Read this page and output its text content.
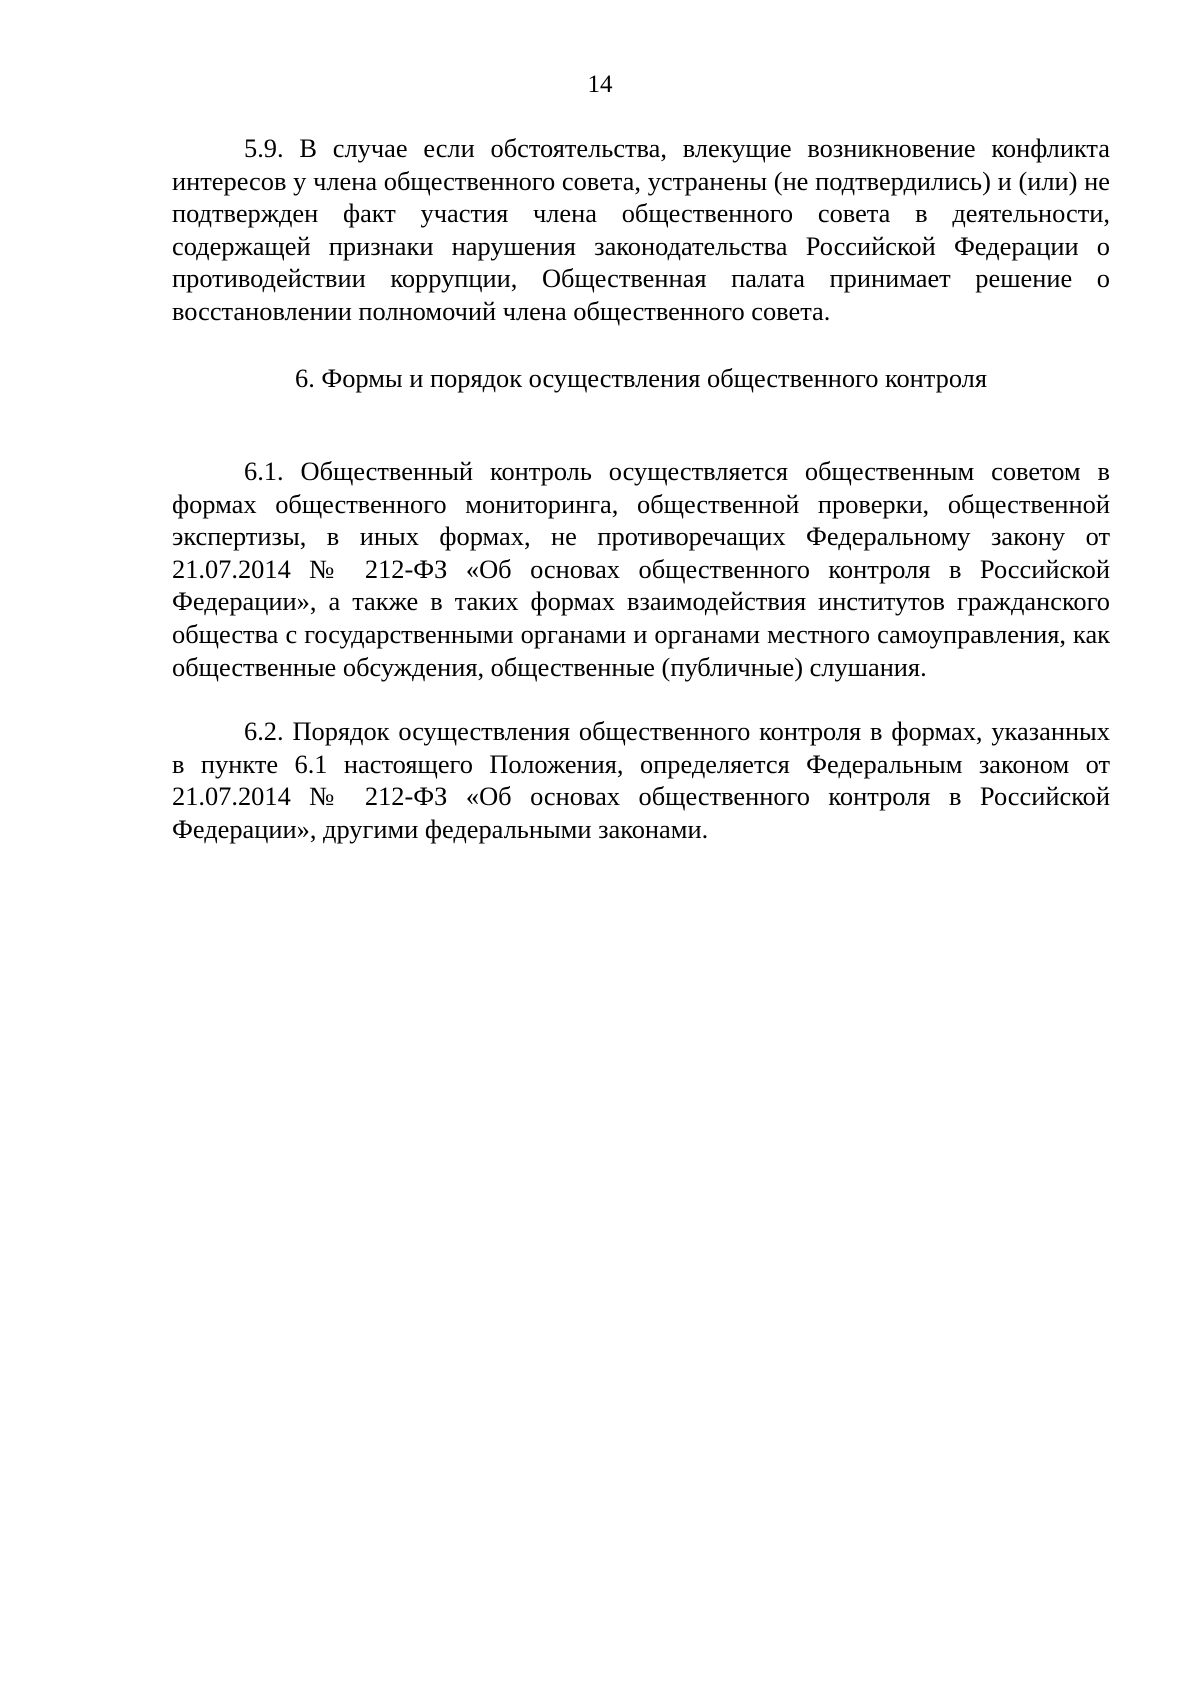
14

5.9. В случае если обстоятельства, влекущие возникновение конфликта интересов у члена общественного совета, устранены (не подтвердились) и (или) не подтвержден факт участия члена общественного совета в деятельности, содержащей признаки нарушения законодательства Российской Федерации о противодействии коррупции, Общественная палата принимает решение о восстановлении полномочий члена общественного совета.

6. Формы и порядок осуществления общественного контроля

6.1. Общественный контроль осуществляется общественным советом в формах общественного мониторинга, общественной проверки, общественной экспертизы, в иных формах, не противоречащих Федеральному закону от 21.07.2014 № 212-ФЗ «Об основах общественного контроля в Российской Федерации», а также в таких формах взаимодействия институтов гражданского общества с государственными органами и органами местного самоуправления, как общественные обсуждения, общественные (публичные) слушания.

6.2. Порядок осуществления общественного контроля в формах, указанных в пункте 6.1 настоящего Положения, определяется Федеральным законом от 21.07.2014 № 212-ФЗ «Об основах общественного контроля в Российской Федерации», другими федеральными законами.
